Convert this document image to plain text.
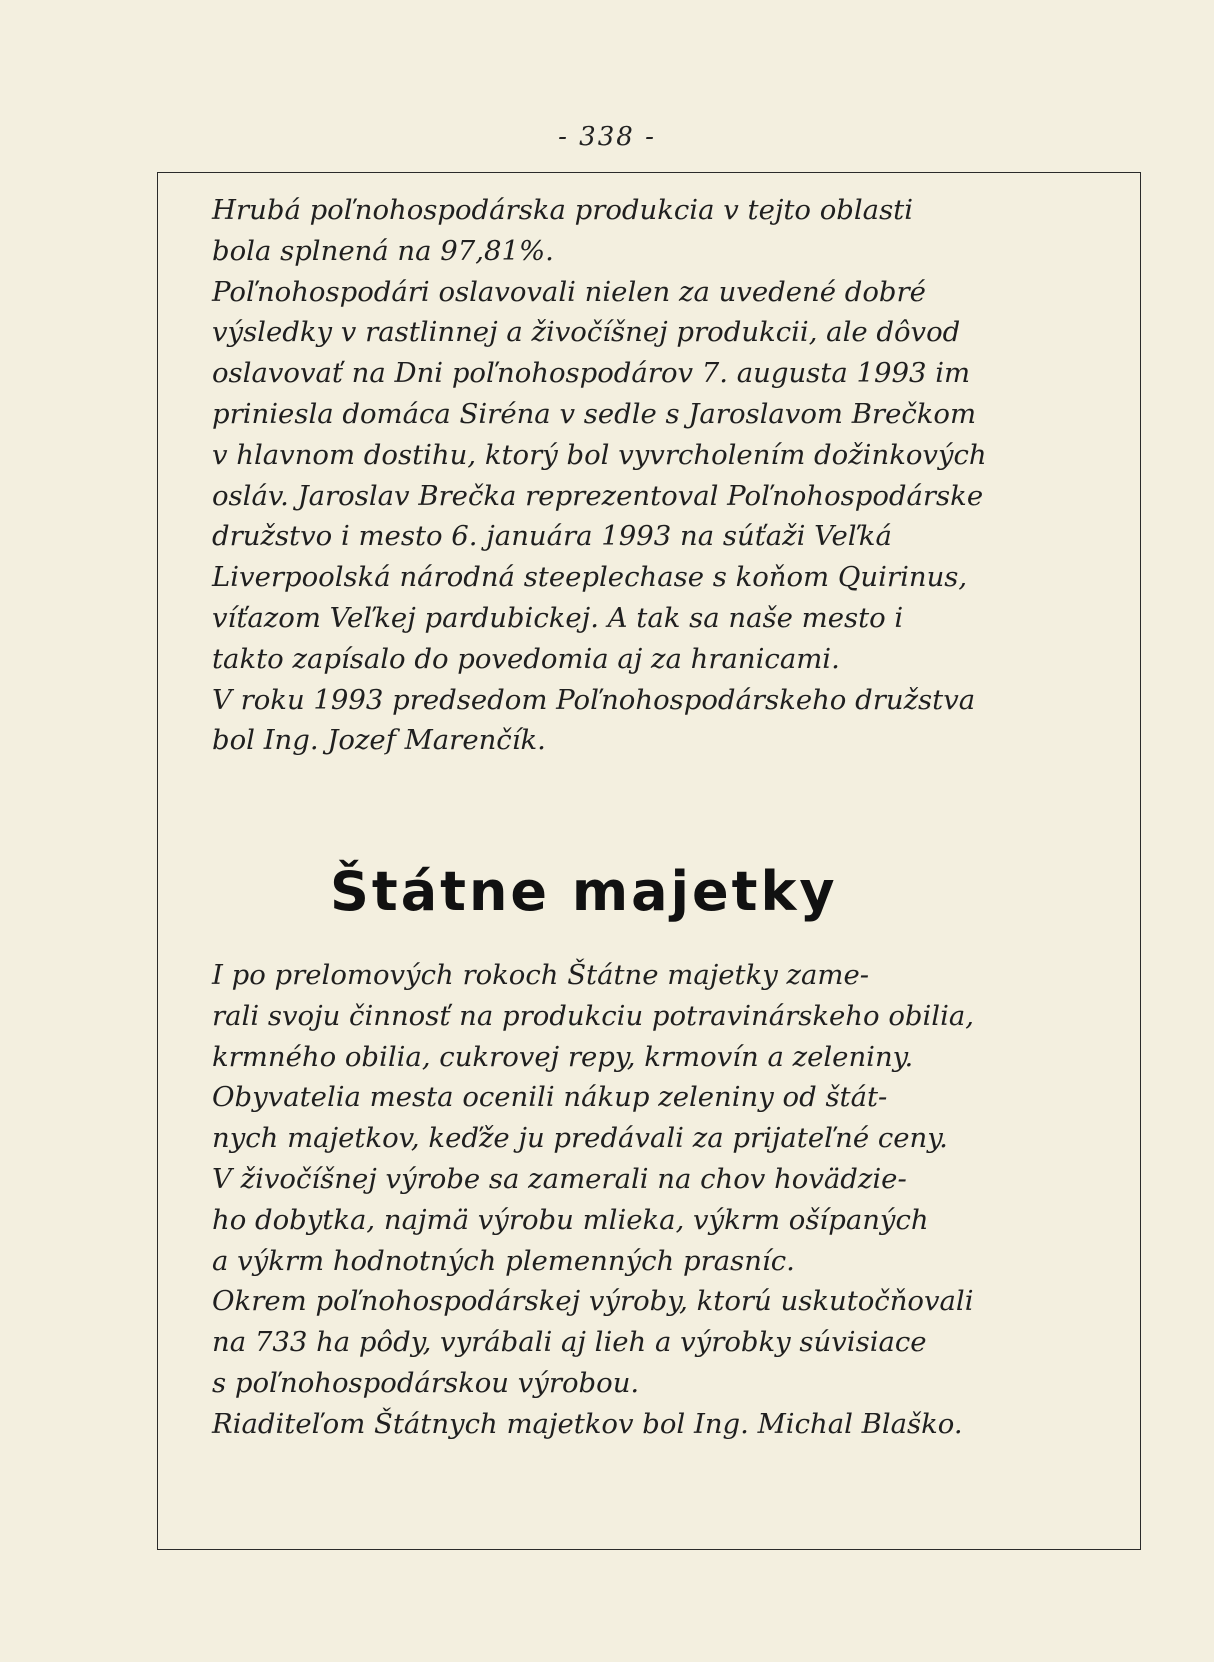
- 338 -
Hrubá poľnohospodárska produkcia v tejto oblasti
bola splnená na 97,81%.
Poľnohospodári oslavovali nielen za uvedené dobré
výsledky v rastlinnej a živočíšnej produkcii, ale dôvod
oslavovať na Dni poľnohospodárov 7. augusta 1993 im
priniesla domáca Siréna v sedle s Jaroslavom Brečkom
v hlavnom dostihu, ktorý bol vyvrcholením dožinkových
osláv. Jaroslav Brečka reprezentoval Poľnohospodárske
družstvo i mesto 6. januára 1993 na súťaži Veľká
Liverpoolská národná steeplechase s koňom Quirinus,
víťazom Veľkej pardubickej. A tak sa naše mesto i
takto zapísalo do povedomia aj za hranicami.
V roku 1993 predsedom Poľnohospodárskeho družstva
bol Ing. Jozef Marenčík.
Štátne majetky
I po prelomových rokoch Štátne majetky zame-
rali svoju činnosť na produkciu potravinárskeho obilia,
krmného obilia, cukrovej repy, krmovín a zeleniny.
Obyvatelia mesta ocenili nákup zeleniny od štát-
nych majetkov, keďže ju predávali za prijateľné ceny.
V živočíšnej výrobe sa zamerali na chov hovädzie-
ho dobytka, najmä výrobu mlieka, výkrm ošípaných
a výkrm hodnotných plemenných prasníc.
Okrem poľnohospodárskej výroby, ktorú uskutočňovali
na 733 ha pôdy, vyrábali aj lieh a výrobky súvisiace
s poľnohospodárskou výrobou.
Riaditeľom Štátnych majetkov bol Ing. Michal Blaško.
